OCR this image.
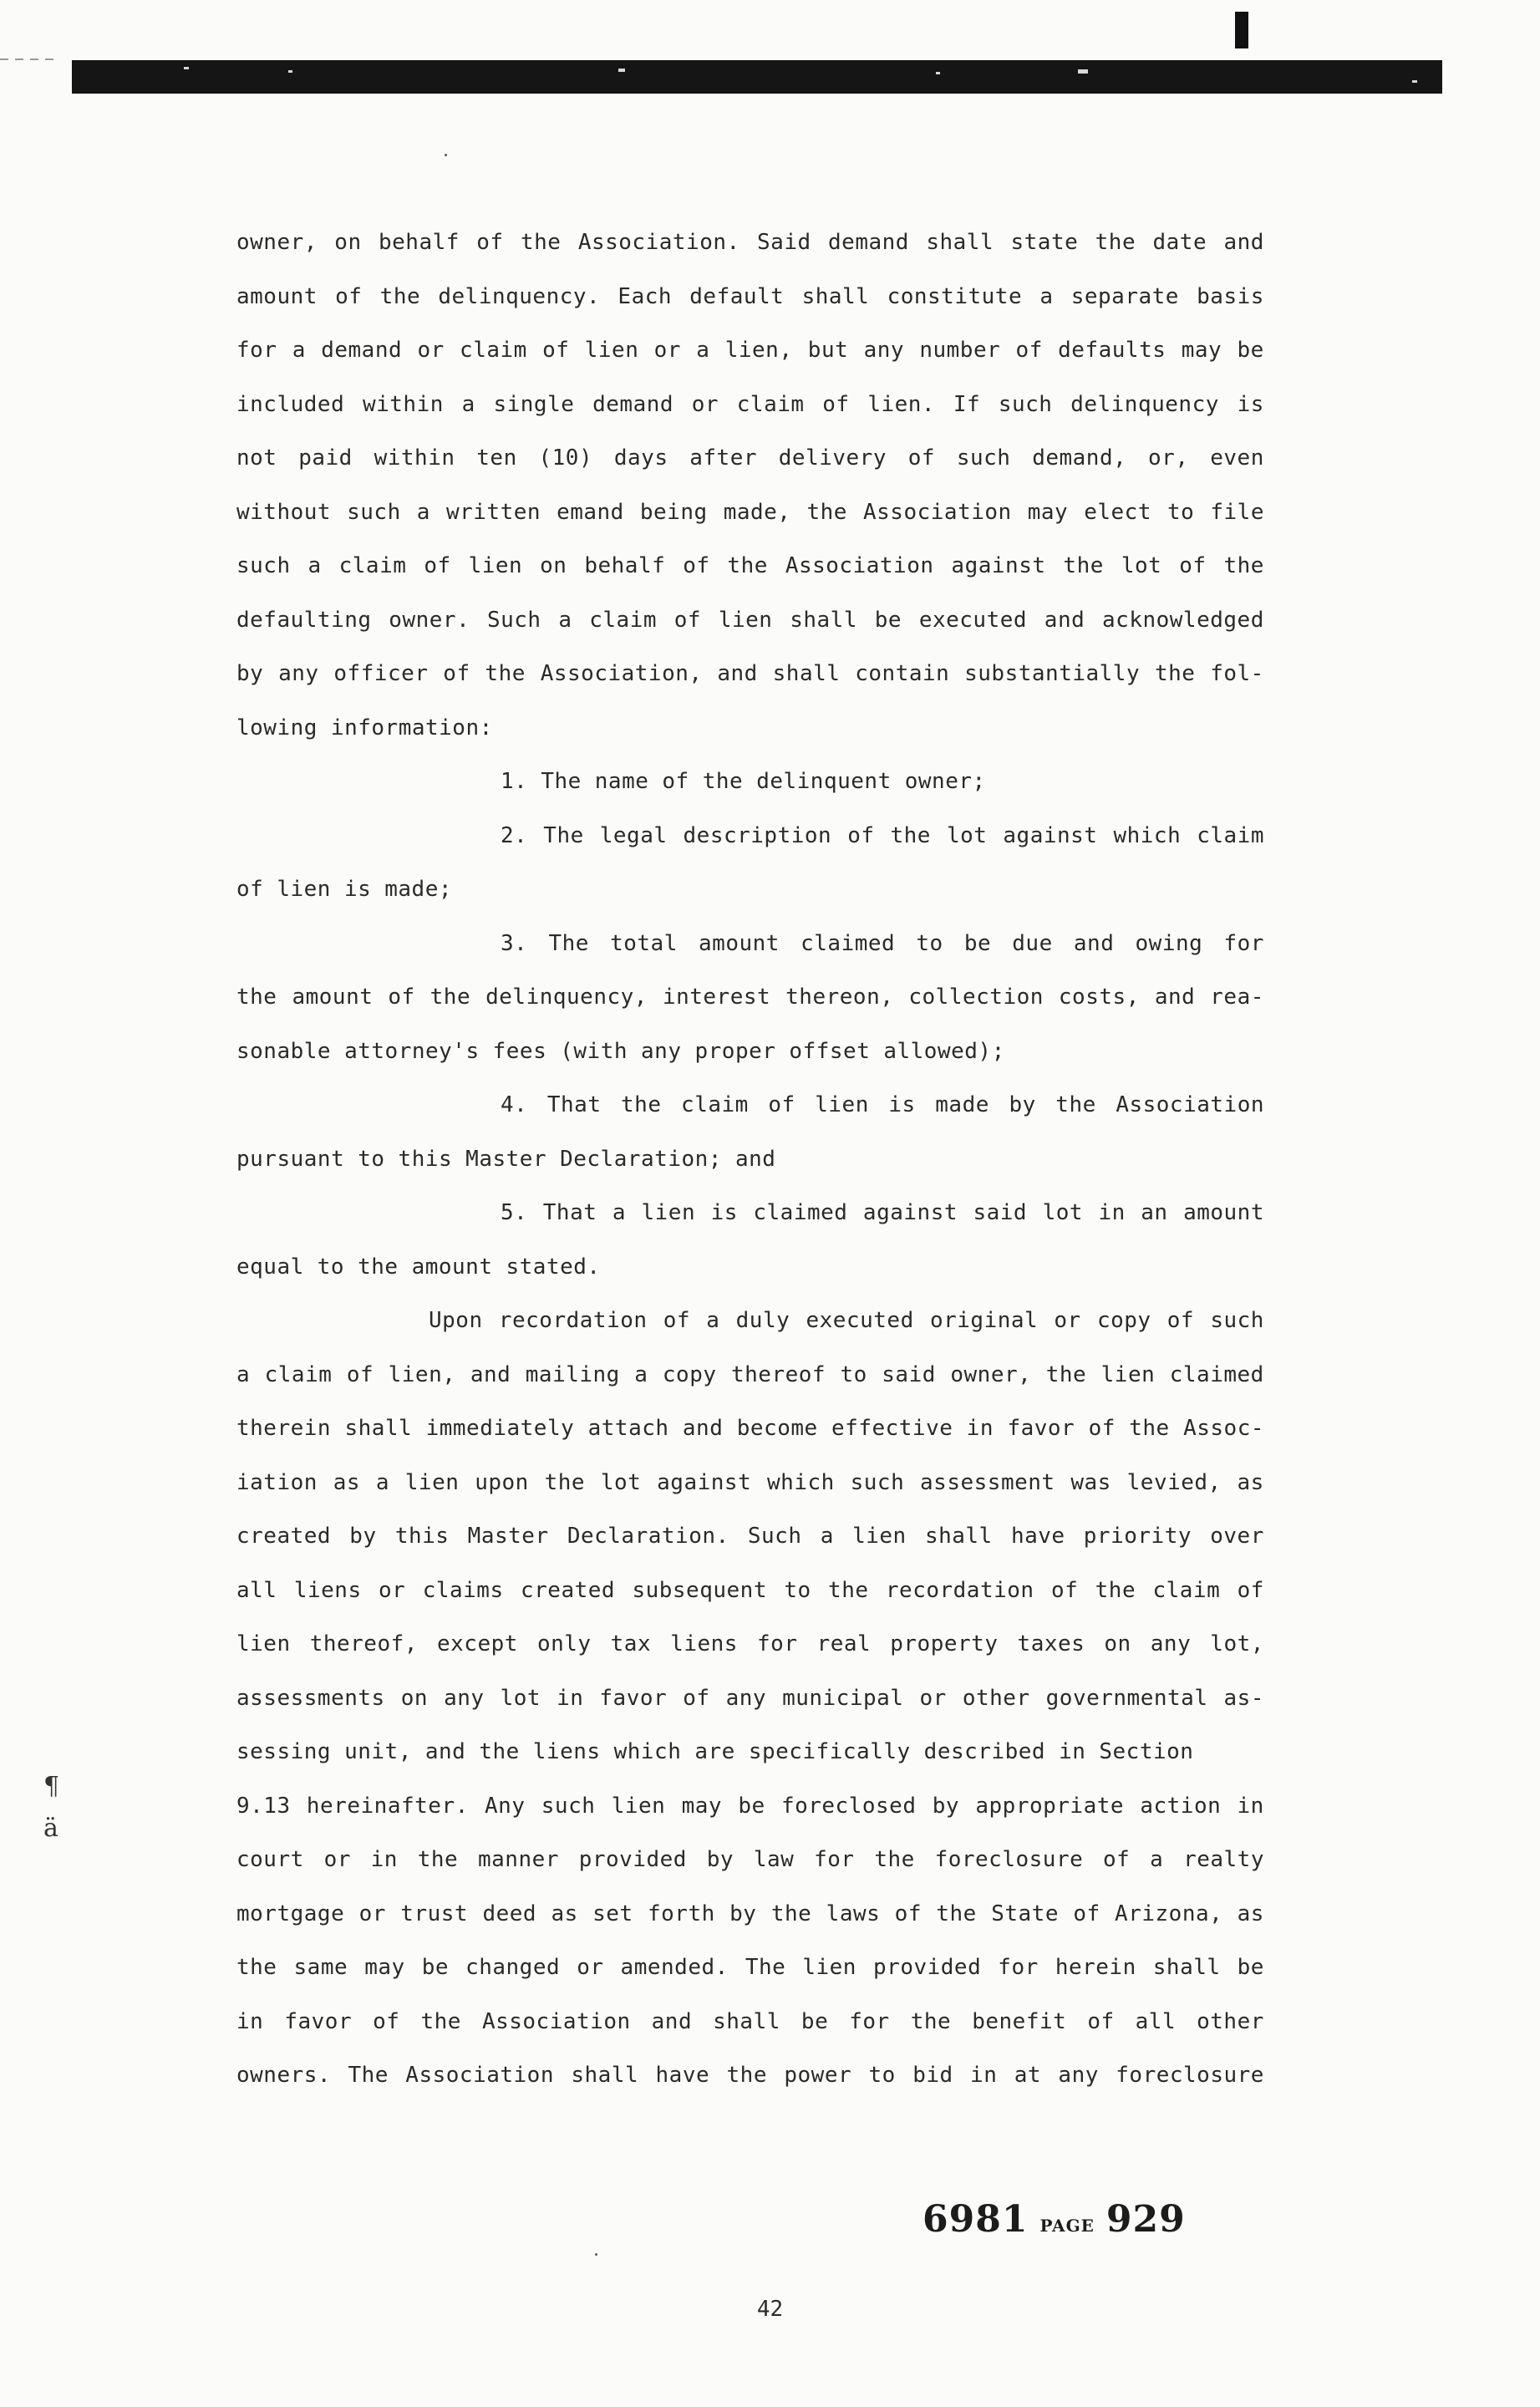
owner, on behalf of the Association. Said demand shall state the date and
amount of the delinquency. Each default shall constitute a separate basis
for a demand or claim of lien or a lien, but any number of defaults may be
included within a single demand or claim of lien. If such delinquency is
not paid within ten (10) days after delivery of such demand, or, even
without such a written emand being made, the Association may elect to file
such a claim of lien on behalf of the Association against the lot of the
defaulting owner. Such a claim of lien shall be executed and acknowledged
by any officer of the Association, and shall contain substantially the fol-
lowing information:
1. The name of the delinquent owner;
2. The legal description of the lot against which claim
of lien is made;
3. The total amount claimed to be due and owing for
the amount of the delinquency, interest thereon, collection costs, and rea-
sonable attorney's fees (with any proper offset allowed);
4. That the claim of lien is made by the Association
pursuant to this Master Declaration; and
5. That a lien is claimed against said lot in an amount
equal to the amount stated.
Upon recordation of a duly executed original or copy of such
a claim of lien, and mailing a copy thereof to said owner, the lien claimed
therein shall immediately attach and become effective in favor of the Assoc-
iation as a lien upon the lot against which such assessment was levied, as
created by this Master Declaration. Such a lien shall have priority over
all liens or claims created subsequent to the recordation of the claim of
lien thereof, except only tax liens for real property taxes on any lot,
assessments on any lot in favor of any municipal or other governmental as-
sessing unit, and the liens which are specifically described in Section
9.13 hereinafter. Any such lien may be foreclosed by appropriate action in
court or in the manner provided by law for the foreclosure of a realty
mortgage or trust deed as set forth by the laws of the State of Arizona, as
the same may be changed or amended. The lien provided for herein shall be
in favor of the Association and shall be for the benefit of all other
owners. The Association shall have the power to bid in at any foreclosure
¶
ä
6981 PAGE 929
42
